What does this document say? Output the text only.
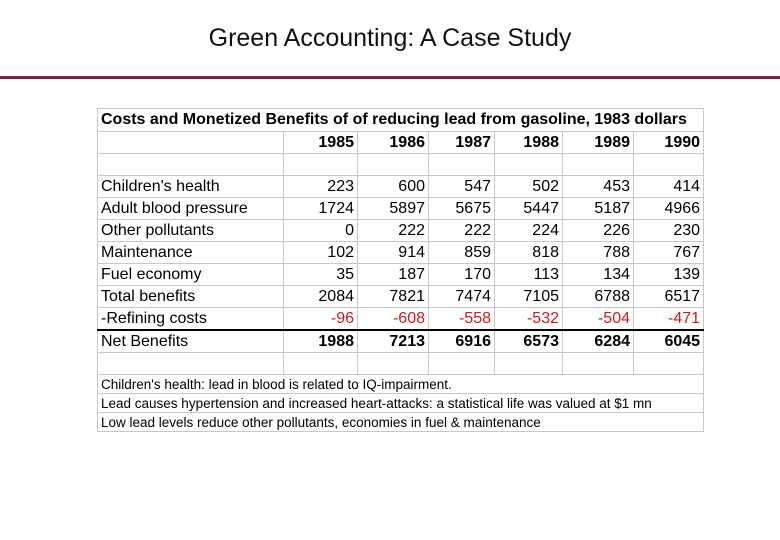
Green Accounting: A Case Study
Costs and Monetized Benefits of of reducing lead from gasoline, 1983 dollars						
	1985	1986	1987	1988	1989	1990

Children's health	223	600	547	502	453	414
Adult blood pressure	1724	5897	5675	5447	5187	4966
Other pollutants	0	222	222	224	226	230
Maintenance	102	914	859	818	788	767
Fuel economy	35	187	170	113	134	139
Total benefits	2084	7821	7474	7105	6788	6517
-Refining costs	-96	-608	-558	-532	-504	-471
Net Benefits	1988	7213	6916	6573	6284	6045

Children's health: lead in blood is related to IQ-impairment.						
Lead causes hypertension and increased heart-attacks: a statistical life was valued at $1 mn						
Low lead levels reduce other pollutants, economies in fuel & maintenance						
